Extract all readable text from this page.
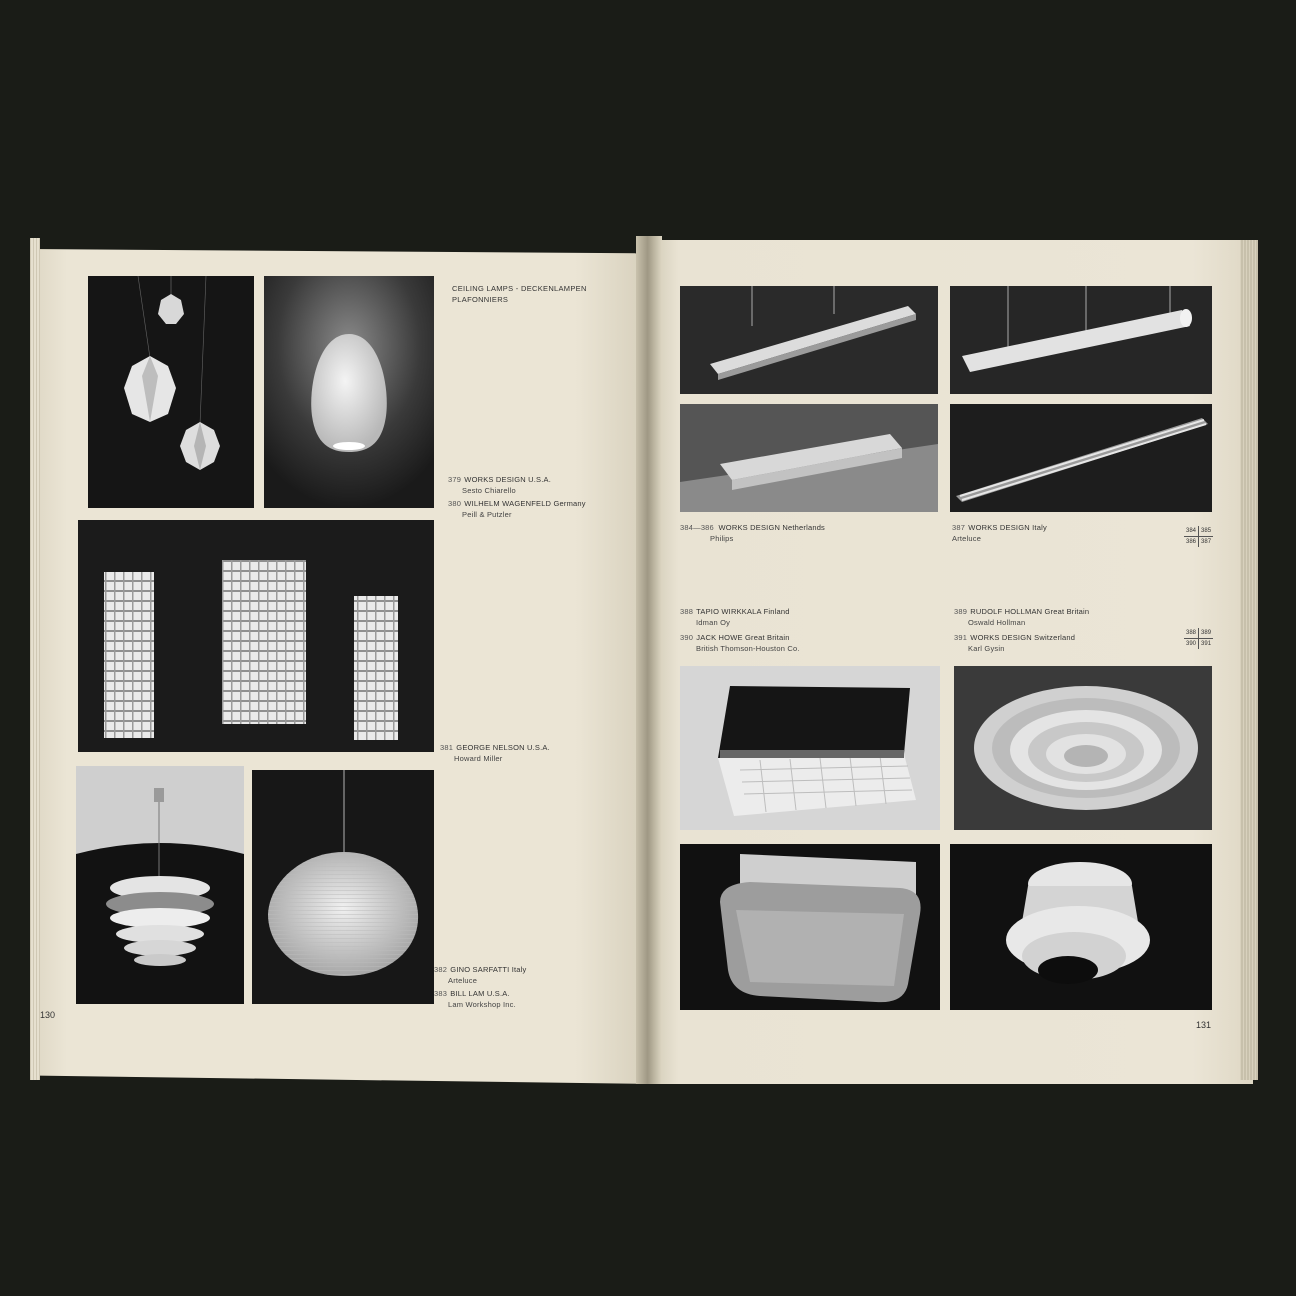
CEILING LAMPS - DECKENLAMPEN
PLAFONNIERS
379 WORKS DESIGN U.S.A.
Sesto Chiarello
380 WILHELM WAGENFELD Germany
Peill & Putzler
381 GEORGE NELSON U.S.A.
Howard Miller
382 GINO SARFATTI Italy
Arteluce
383 BILL LAM U.S.A.
Lam Workshop Inc.
130
384—386 WORKS DESIGN Netherlands
Philips
387 WORKS DESIGN Italy
Arteluce
384	385
386	387
388 TAPIO WIRKKALA Finland
Idman Oy
390 JACK HOWE Great Britain
British Thomson-Houston Co.
389 RUDOLF HOLLMAN Great Britain
Oswald Hollman
391 WORKS DESIGN Switzerland
Karl Gysin
388	389
390	391
131
